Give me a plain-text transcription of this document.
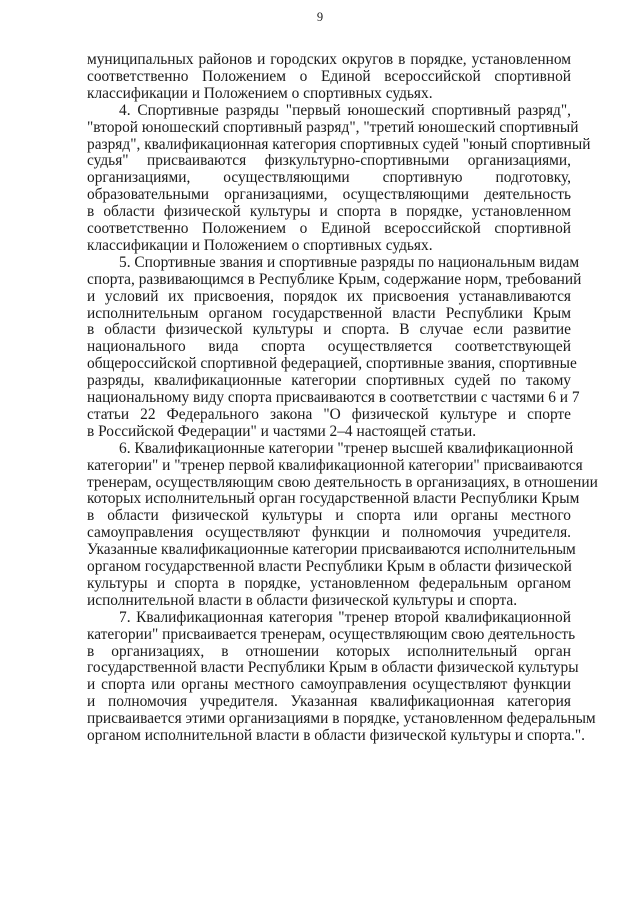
9
муниципальных районов и городских округов в порядке, установленном
соответственно Положением о Единой всероссийской спортивной
классификации и Положением о спортивных судьях.
4. Спортивные разряды "первый юношеский спортивный разряд",
"второй юношеский спортивный разряд", "третий юношеский спортивный
разряд", квалификационная категория спортивных судей "юный спортивный
судья" присваиваются физкультурно-спортивными организациями,
организациями, осуществляющими спортивную подготовку,
образовательными организациями, осуществляющими деятельность
в области физической культуры и спорта в порядке, установленном
соответственно Положением о Единой всероссийской спортивной
классификации и Положением о спортивных судьях.
5. Спортивные звания и спортивные разряды по национальным видам
спорта, развивающимся в Республике Крым, содержание норм, требований
и условий их присвоения, порядок их присвоения устанавливаются
исполнительным органом государственной власти Республики Крым
в области физической культуры и спорта. В случае если развитие
национального вида спорта осуществляется соответствующей
общероссийской спортивной федерацией, спортивные звания, спортивные
разряды, квалификационные категории спортивных судей по такому
национальному виду спорта присваиваются в соответствии с частями 6 и 7
статьи 22 Федерального закона "О физической культуре и спорте
в Российской Федерации" и частями 2–4 настоящей статьи.
6. Квалификационные категории "тренер высшей квалификационной
категории" и "тренер первой квалификационной категории" присваиваются
тренерам, осуществляющим свою деятельность в организациях, в отношении
которых исполнительный орган государственной власти Республики Крым
в области физической культуры и спорта или органы местного
самоуправления осуществляют функции и полномочия учредителя.
Указанные квалификационные категории присваиваются исполнительным
органом государственной власти Республики Крым в области физической
культуры и спорта в порядке, установленном федеральным органом
исполнительной власти в области физической культуры и спорта.
7. Квалификационная категория "тренер второй квалификационной
категории" присваивается тренерам, осуществляющим свою деятельность
в организациях, в отношении которых исполнительный орган
государственной власти Республики Крым в области физической культуры
и спорта или органы местного самоуправления осуществляют функции
и полномочия учредителя. Указанная квалификационная категория
присваивается этими организациями в порядке, установленном федеральным
органом исполнительной власти в области физической культуры и спорта.".
